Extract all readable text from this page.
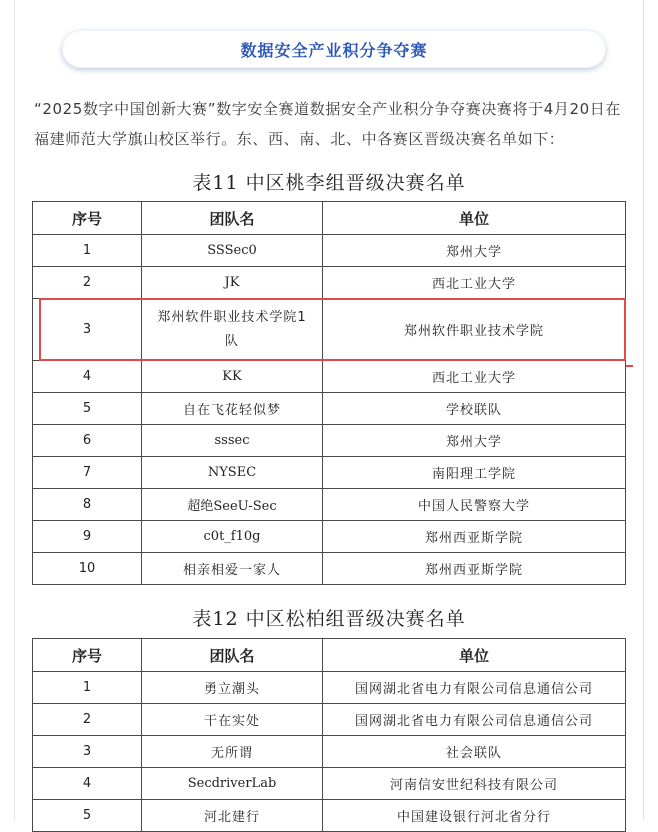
数据安全产业积分争夺赛
“2025数字中国创新大赛”数字安全赛道数据安全产业积分争夺赛决赛将于4月20日在福建师范大学旗山校区举行。东、西、南、北、中各赛区晋级决赛名单如下：
表11 中区桃李组晋级决赛名单
序号	团队名	单位
1	SSSec0	郑州大学
2	JK	西北工业大学
3	郑州软件职业技术学院1队	郑州软件职业技术学院
4	KK	西北工业大学
5	自在飞花轻似梦	学校联队
6	sssec	郑州大学
7	NYSEC	南阳理工学院
8	超绝SeeU-Sec	中国人民警察大学
9	c0t_f10g	郑州西亚斯学院
10	相亲相爱一家人	郑州西亚斯学院
表12 中区松柏组晋级决赛名单
序号	团队名	单位
1	勇立潮头	国网湖北省电力有限公司信息通信公司
2	干在实处	国网湖北省电力有限公司信息通信公司
3	无所谓	社会联队
4	SecdriverLab	河南信安世纪科技有限公司
5	河北建行	中国建设银行河北省分行
